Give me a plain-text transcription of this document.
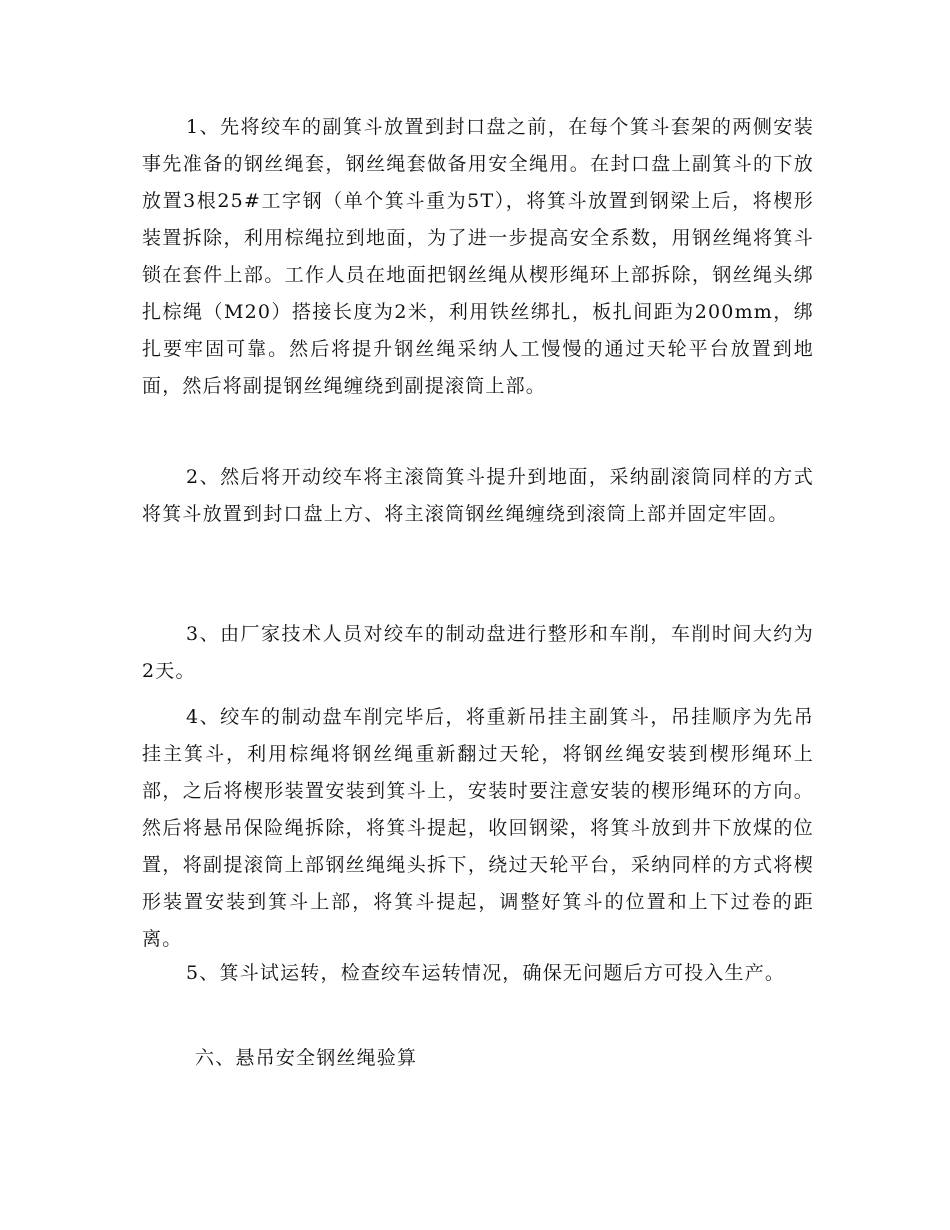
1、先将绞车的副箕斗放置到封口盘之前，在每个箕斗套架的两侧安装事先准备的钢丝绳套，钢丝绳套做备用安全绳用。在封口盘上副箕斗的下放放置3根25#工字钢（单个箕斗重为5T），将箕斗放置到钢梁上后，将楔形装置拆除，利用棕绳拉到地面，为了进一步提高安全系数，用钢丝绳将箕斗锁在套件上部。工作人员在地面把钢丝绳从楔形绳环上部拆除，钢丝绳头绑扎棕绳（M20）搭接长度为2米，利用铁丝绑扎，板扎间距为200mm，绑扎要牢固可靠。然后将提升钢丝绳采纳人工慢慢的通过天轮平台放置到地面，然后将副提钢丝绳缠绕到副提滚筒上部。

2、然后将开动绞车将主滚筒箕斗提升到地面，采纳副滚筒同样的方式将箕斗放置到封口盘上方、将主滚筒钢丝绳缠绕到滚筒上部并固定牢固。

3、由厂家技术人员对绞车的制动盘进行整形和车削，车削时间大约为2天。

4、绞车的制动盘车削完毕后，将重新吊挂主副箕斗，吊挂顺序为先吊挂主箕斗，利用棕绳将钢丝绳重新翻过天轮，将钢丝绳安装到楔形绳环上部，之后将楔形装置安装到箕斗上，安装时要注意安装的楔形绳环的方向。然后将悬吊保险绳拆除，将箕斗提起，收回钢梁，将箕斗放到井下放煤的位置，将副提滚筒上部钢丝绳绳头拆下，绕过天轮平台，采纳同样的方式将楔形装置安装到箕斗上部，将箕斗提起，调整好箕斗的位置和上下过卷的距离。

5、箕斗试运转，检查绞车运转情况，确保无问题后方可投入生产。

六、悬吊安全钢丝绳验算
